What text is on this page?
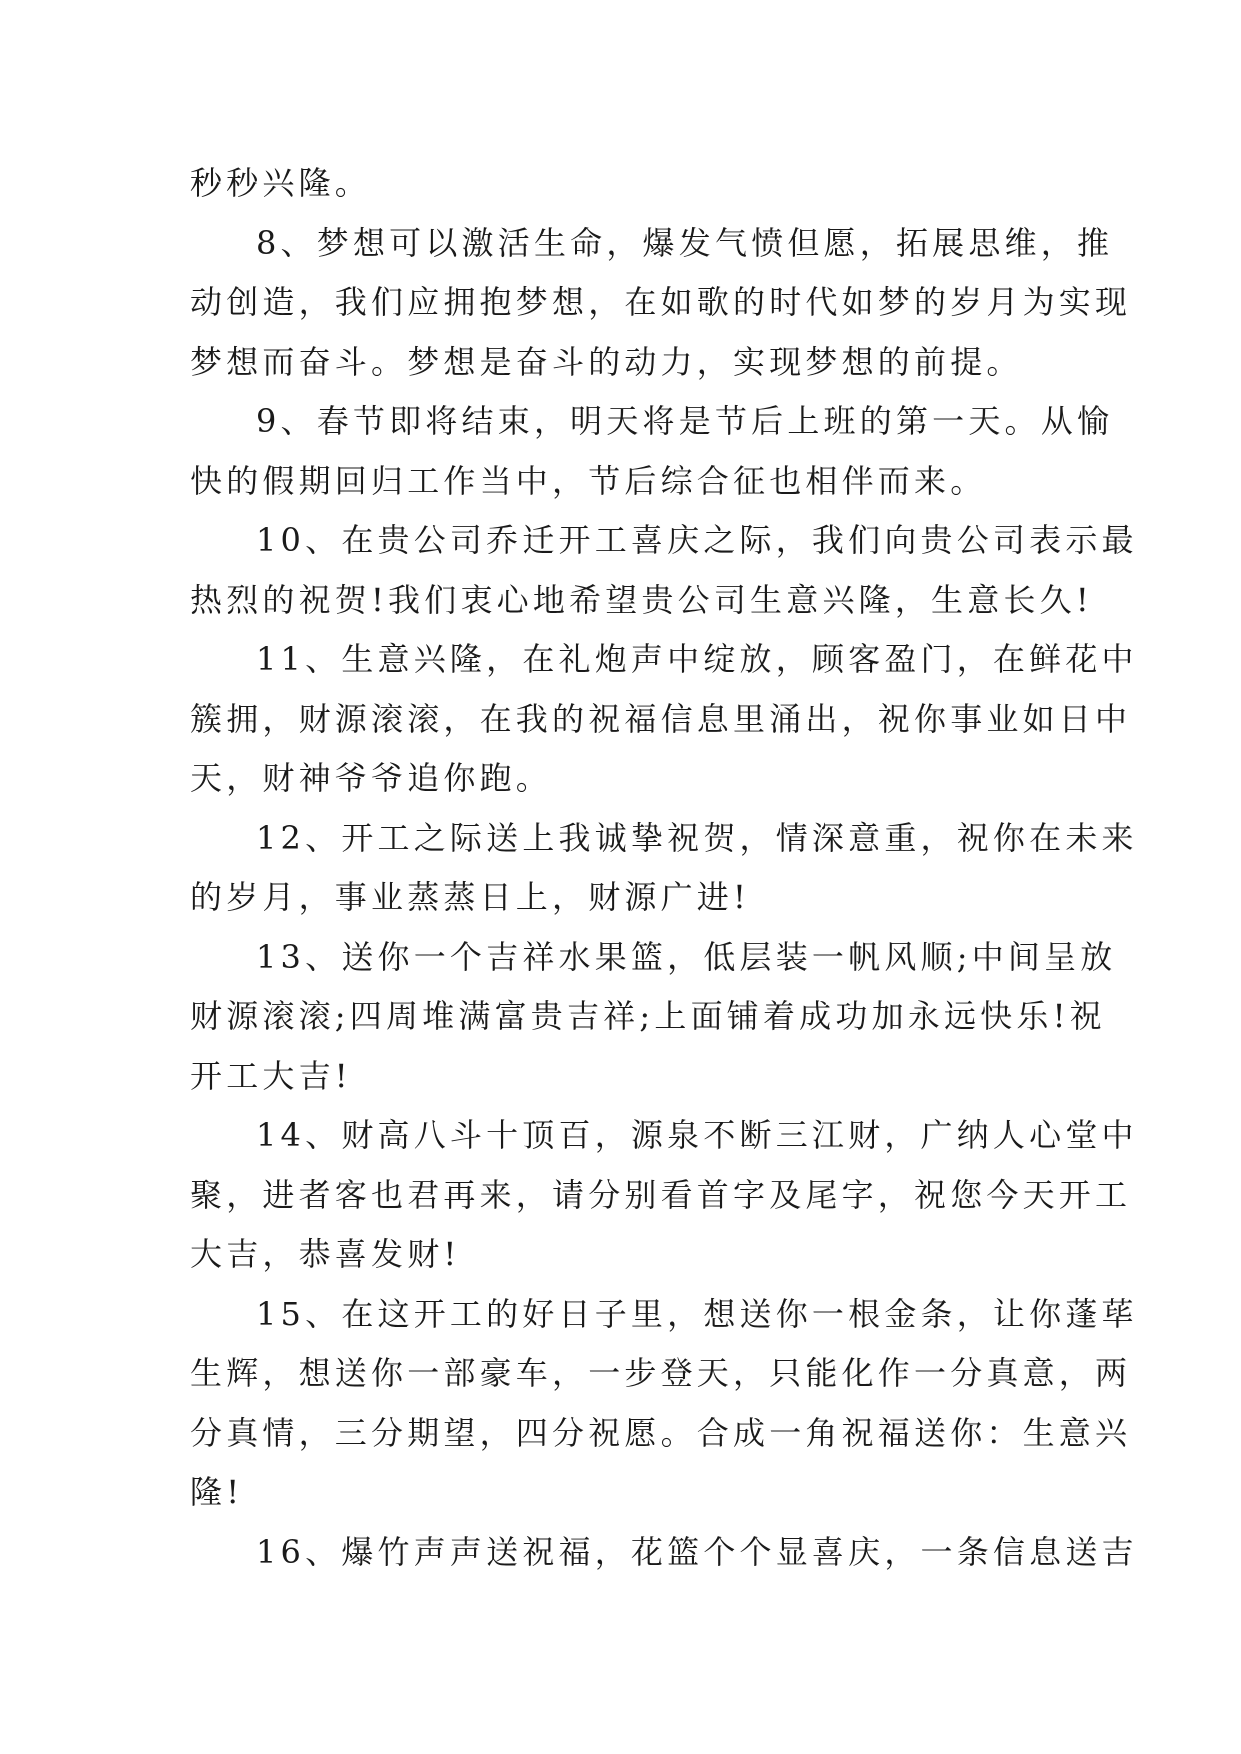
秒秒兴隆。
8、梦想可以激活生命，爆发气愤但愿，拓展思维，推
动创造，我们应拥抱梦想，在如歌的时代如梦的岁月为实现
梦想而奋斗。梦想是奋斗的动力，实现梦想的前提。
9、春节即将结束，明天将是节后上班的第一天。从愉
快的假期回归工作当中，节后综合征也相伴而来。
10、在贵公司乔迁开工喜庆之际，我们向贵公司表示最
热烈的祝贺!我们衷心地希望贵公司生意兴隆，生意长久!
11、生意兴隆，在礼炮声中绽放，顾客盈门，在鲜花中
簇拥，财源滚滚，在我的祝福信息里涌出，祝你事业如日中
天，财神爷爷追你跑。
12、开工之际送上我诚挚祝贺，情深意重，祝你在未来
的岁月，事业蒸蒸日上，财源广进!
13、送你一个吉祥水果篮，低层装一帆风顺;中间呈放
财源滚滚;四周堆满富贵吉祥;上面铺着成功加永远快乐!祝
开工大吉!
14、财高八斗十顶百，源泉不断三江财，广纳人心堂中
聚，进者客也君再来，请分别看首字及尾字，祝您今天开工
大吉，恭喜发财!
15、在这开工的好日子里，想送你一根金条，让你蓬荜
生辉，想送你一部豪车，一步登天，只能化作一分真意，两
分真情，三分期望，四分祝愿。合成一角祝福送你：生意兴
隆!
16、爆竹声声送祝福，花篮个个显喜庆，一条信息送吉
